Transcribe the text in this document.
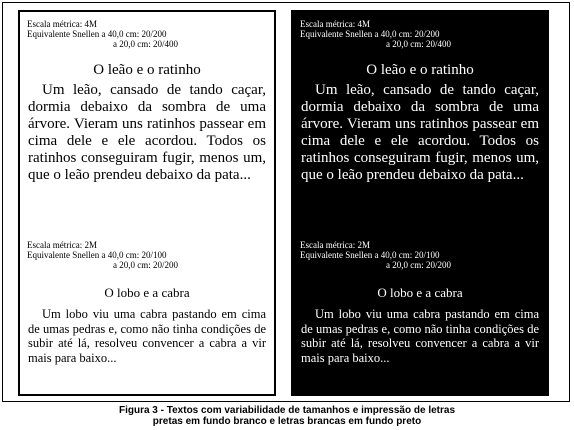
Escala métrica: 4M
Equivalente Snellen a 40,0 cm: 20/200

a 20,0 cm: 20/400
O leão e o ratinho

Um leão, cansado de tando caçar, dormia debaixo da sombra de uma árvore. Vieram uns ratinhos passear em cima dele e ele acordou. Todos os ratinhos conseguiram fugir, menos um, que o leão prendeu debaixo da pata...

Escala métrica: 2M
Equivalente Snellen a 40,0 cm: 20/100

a 20,0 cm: 20/200
O lobo e a cabra

Um lobo viu uma cabra pastando em cima de umas pedras e, como não tinha condições de subir até lá, resolveu convencer a cabra a vir mais para baixo...

Escala métrica: 4M
Equivalente Snellen a 40,0 cm: 20/200

a 20,0 cm: 20/400
O leão e o ratinho

Um leão, cansado de tando caçar, dormia debaixo da sombra de uma árvore. Vieram uns ratinhos passear em cima dele e ele acordou. Todos os ratinhos conseguiram fugir, menos um, que o leão prendeu debaixo da pata...

Escala métrica: 2M
Equivalente Snellen a 40,0 cm: 20/100

a 20,0 cm: 20/200
O lobo e a cabra

Um lobo viu uma cabra pastando em cima de umas pedras e, como não tinha condições de subir até lá, resolveu convencer a cabra a vir mais para baixo...

Figura 3 - Textos com variabilidade de tamanhos e impressão de letras
pretas em fundo branco e letras brancas em fundo preto
